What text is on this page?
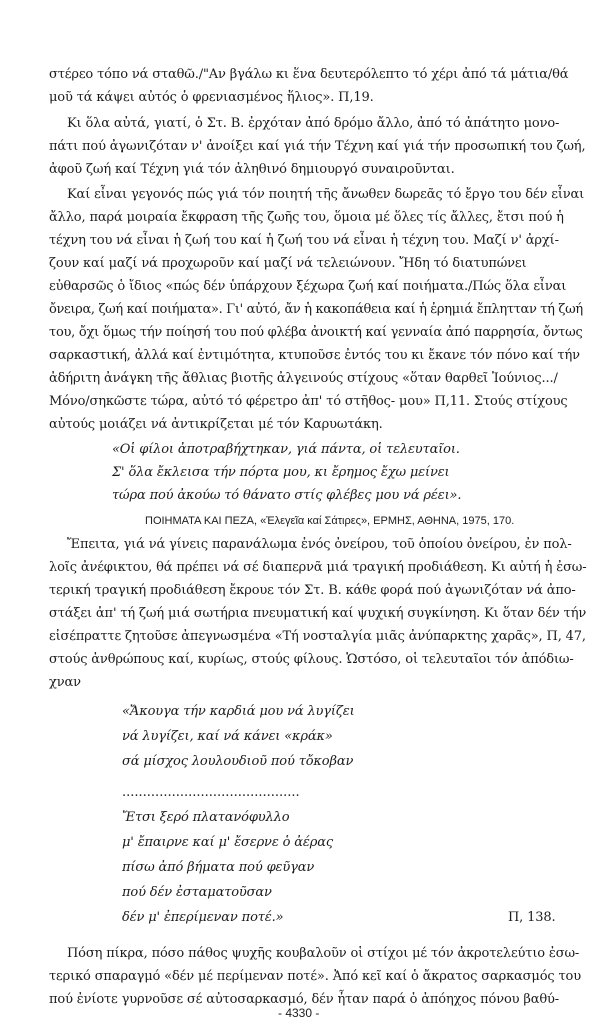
στέρεο τόπο νά σταθῶ./"Αν βγάλω κι ἕνα δευτερόλεπτο τό χέρι ἀπό τά μάτια/θά

μοῦ τά κάψει αὐτός ὁ φρενιασμένος ἥλιος». Π,19.

Κι ὅλα αὐτά, γιατί, ὁ Στ. Β. ἐρχόταν ἀπό δρόμο ἄλλο, ἀπό τό ἀπάτητο μονο-

πάτι πού ἀγωνιζόταν ν' ἀνοίξει καί γιά τήν Τέχνη καί γιά τήν προσωπική του ζωή,

ἀφοῦ ζωή καί Τέχνη γιά τόν ἀληθινό δημιουργό συναιροῦνται.

Καί εἶναι γεγονός πώς γιά τόν ποιητή τῆς ἄνωθεν δωρεᾶς τό ἔργο του δέν εἶναι

ἄλλο, παρά μοιραία ἔκφραση τῆς ζωῆς του, ὅμοια μέ ὅλες τίς ἄλλες, ἔτσι πού ἡ

τέχνη του νά εἶναι ἡ ζωή του καί ἡ ζωή του νά εἶναι ἡ τέχνη του. Μαζί ν' ἀρχί-

ζουν καί μαζί νά προχωροῦν καί μαζί νά τελειώνουν. Ἤδη τό διατυπώνει

εὐθαρσῶς ὁ ἴδιος «πώς δέν ὑπάρχουν ξέχωρα ζωή καί ποιήματα./Πώς ὅλα εἶναι

ὄνειρα, ζωή καί ποιήματα». Γι' αὐτό, ἄν ἡ κακοπάθεια καί ἡ ἐρημιά ἔπλητταν τή ζωή

του, ὄχι ὅμως τήν ποίησή του πού φλέβα ἀνοικτή καί γενναία ἀπό παρρησία, ὄντως

σαρκαστική, ἀλλά καί ἐντιμότητα, κτυποῦσε ἐντός του κι ἔκανε τόν πόνο καί τήν

ἀδήριτη ἀνάγκη τῆς ἄθλιας βιοτῆς ἀλγεινούς στίχους «ὅταν θαρθεῖ Ἰούνιος.../

Μόνο/σηκῶστε τώρα, αὐτό τό φέρετρο ἀπ' τό στῆθος- μου» Π,11. Στούς στίχους

αὐτούς μοιάζει νά ἀντικρίζεται μέ τόν Καρυωτάκη.

«Οἱ φίλοι ἀποτραβήχτηκαν, γιά πάντα, οἱ τελευταῖοι.

Σ' ὅλα ἔκλεισα τήν πόρτα μου, κι ἔρημος ἔχω μείνει

τώρα πού ἀκούω τό θάνατο στίς φλέβες μου νά ρέει».

ΠΟΙΗΜΑΤΑ ΚΑΙ ΠΕΖΑ, «Ἐλεγεῖα καί Σάτιρες», ΕΡΜΗΣ, ΑΘΗΝΑ, 1975, 170.

Ἔπειτα, γιά νά γίνεις παρανάλωμα ἑνός ὀνείρου, τοῦ ὁποίου ὀνείρου, ἐν πολ-

λοῖς ἀνέφικτου, θά πρέπει νά σέ διαπερνᾶ μιά τραγική προδιάθεση. Κι αὐτή ἡ ἐσω-

τερική τραγική προδιάθεση ἔκρουε τόν Στ. Β. κάθε φορά πού ἀγωνιζόταν νά ἀπο-

στάξει ἀπ' τή ζωή μιά σωτήρια πνευματική καί ψυχική συγκίνηση. Κι ὅταν δέν τήν

εἰσέπραττε ζητοῦσε ἀπεγνωσμένα «Τή νοσταλγία μιᾶς ἀνύπαρκτης χαρᾶς», Π, 47,

στούς ἀνθρώπους καί, κυρίως, στούς φίλους. Ὡστόσο, οἱ τελευταῖοι τόν ἀπόδιω-

χναν

«Ἄκουγα τήν καρδιά μου νά λυγίζει

νά λυγίζει, καί νά κάνει «κράκ»

σά μίσχος λουλουδιοῦ πού τὄκοβαν

...........................................

Ἔτσι ξερό πλατανόφυλλο

μ' ἔπαιρνε καί μ' ἔσερνε ὁ ἀέρας

πίσω ἀπό βήματα πού φεῦγαν

πού δέν ἐσταματοῦσαν

δέν μ' ἐπερίμεναν ποτέ.»	Π, 138.

Πόση πίκρα, πόσο πάθος ψυχῆς κουβαλοῦν οἱ στίχοι μέ τόν ἀκροτελεύτιο ἐσω-

τερικό σπαραγμό «δέν μέ περίμεναν ποτέ». Ἀπό κεῖ καί ὁ ἄκρατος σαρκασμός του

πού ἐνίοτε γυρνοῦσε σέ αὐτοσαρκασμό, δέν ἦταν παρά ὁ ἀπόηχος πόνου βαθύ-

- 4330 -
